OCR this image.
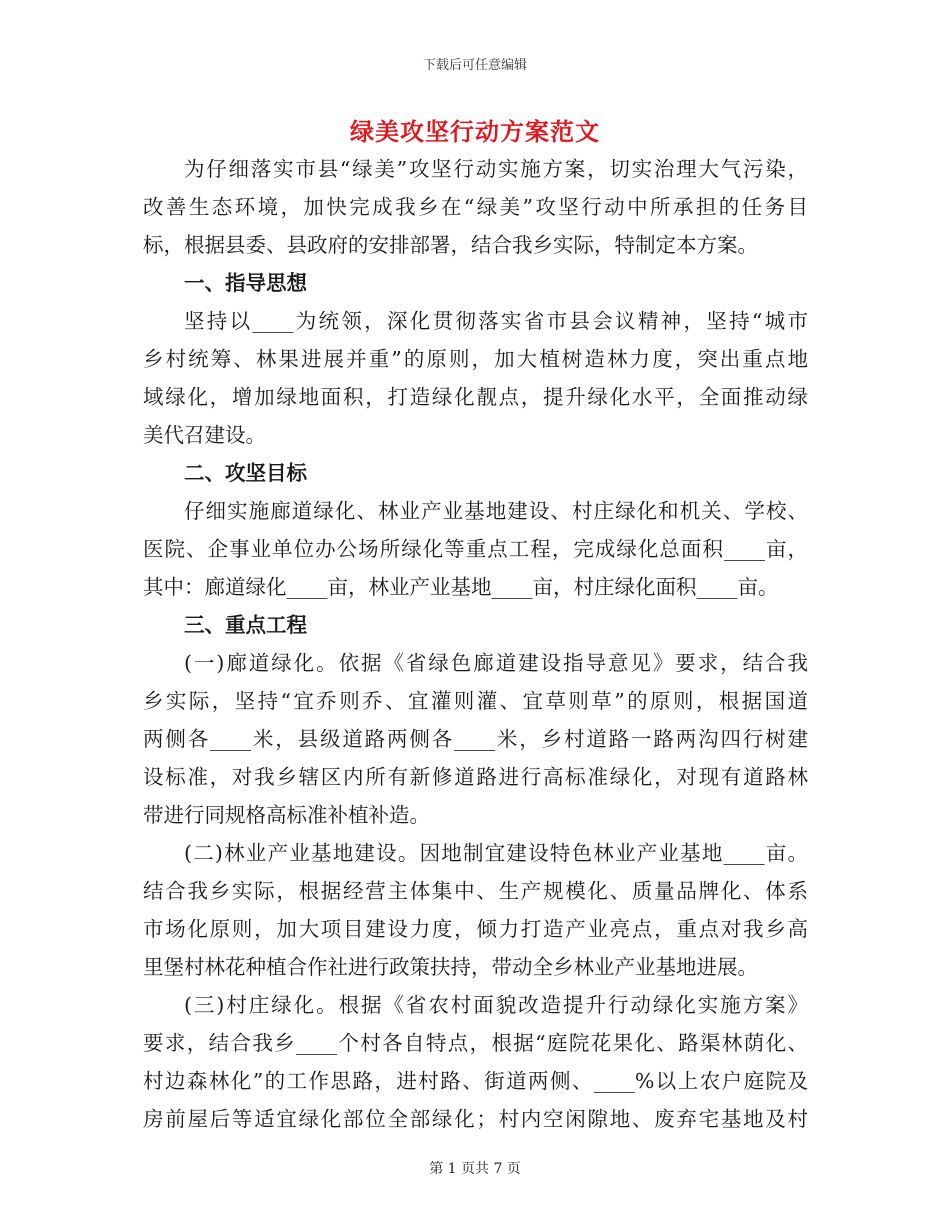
下载后可任意编辑
绿美攻坚行动方案范文
为仔细落实市县“绿美”攻坚行动实施方案，切实治理大气污染，
改善生态环境，加快完成我乡在“绿美”攻坚行动中所承担的任务目
标，根据县委、县政府的安排部署，结合我乡实际，特制定本方案。
一、指导思想
坚持以____为统领，深化贯彻落实省市县会议精神，坚持“城市
乡村统筹、林果进展并重”的原则，加大植树造林力度，突出重点地
域绿化，增加绿地面积，打造绿化靓点，提升绿化水平，全面推动绿
美代召建设。
二、攻坚目标
仔细实施廊道绿化、林业产业基地建设、村庄绿化和机关、学校、
医院、企事业单位办公场所绿化等重点工程，完成绿化总面积____亩，
其中：廊道绿化____亩，林业产业基地____亩，村庄绿化面积____亩。
三、重点工程
(一)廊道绿化。依据《省绿色廊道建设指导意见》要求，结合我
乡实际，坚持“宜乔则乔、宜灌则灌、宜草则草”的原则，根据国道
两侧各____米，县级道路两侧各____米，乡村道路一路两沟四行树建
设标准，对我乡辖区内所有新修道路进行高标准绿化，对现有道路林
带进行同规格高标准补植补造。
(二)林业产业基地建设。因地制宜建设特色林业产业基地____亩。
结合我乡实际，根据经营主体集中、生产规模化、质量品牌化、体系
市场化原则，加大项目建设力度，倾力打造产业亮点，重点对我乡高
里堡村林花种植合作社进行政策扶持，带动全乡林业产业基地进展。
(三)村庄绿化。根据《省农村面貌改造提升行动绿化实施方案》
要求，结合我乡____个村各自特点，根据“庭院花果化、路渠林荫化、
村边森林化”的工作思路，进村路、街道两侧、____%以上农户庭院及
房前屋后等适宜绿化部位全部绿化；村内空闲隙地、废弃宅基地及村
第 1 页共 7 页
